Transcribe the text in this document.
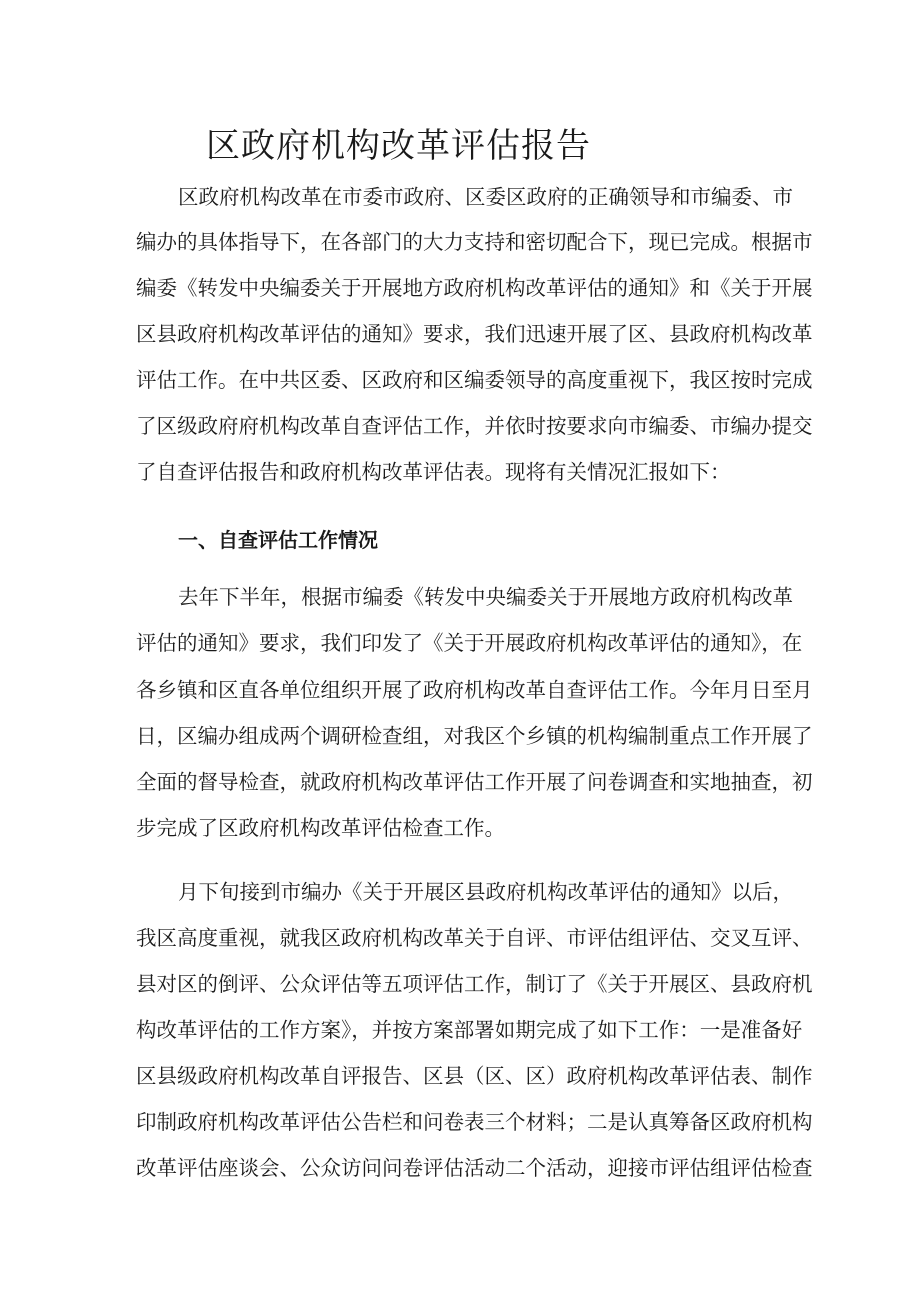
区政府机构改革评估报告

区政府机构改革在市委市政府、区委区政府的正确领导和市编委、市

编办的具体指导下，在各部门的大力支持和密切配合下，现已完成。根据市

编委《转发中央编委关于开展地方政府机构改革评估的通知》和《关于开展

区县政府机构改革评估的通知》要求，我们迅速开展了区、县政府机构改革

评估工作。在中共区委、区政府和区编委领导的高度重视下，我区按时完成

了区级政府府机构改革自查评估工作，并依时按要求向市编委、市编办提交

了自查评估报告和政府机构改革评估表。现将有关情况汇报如下：

一、自查评估工作情况

去年下半年，根据市编委《转发中央编委关于开展地方政府机构改革

评估的通知》要求，我们印发了《关于开展政府机构改革评估的通知》，在

各乡镇和区直各单位组织开展了政府机构改革自查评估工作。今年月日至月

日，区编办组成两个调研检查组，对我区个乡镇的机构编制重点工作开展了

全面的督导检查，就政府机构改革评估工作开展了问卷调查和实地抽查，初

步完成了区政府机构改革评估检查工作。

月下旬接到市编办《关于开展区县政府机构改革评估的通知》以后，

我区高度重视，就我区政府机构改革关于自评、市评估组评估、交叉互评、

县对区的倒评、公众评估等五项评估工作，制订了《关于开展区、县政府机

构改革评估的工作方案》，并按方案部署如期完成了如下工作：一是准备好

区县级政府机构改革自评报告、区县（区、区）政府机构改革评估表、制作

印制政府机构改革评估公告栏和问卷表三个材料；二是认真筹备区政府机构

改革评估座谈会、公众访问问卷评估活动二个活动，迎接市评估组评估检查
